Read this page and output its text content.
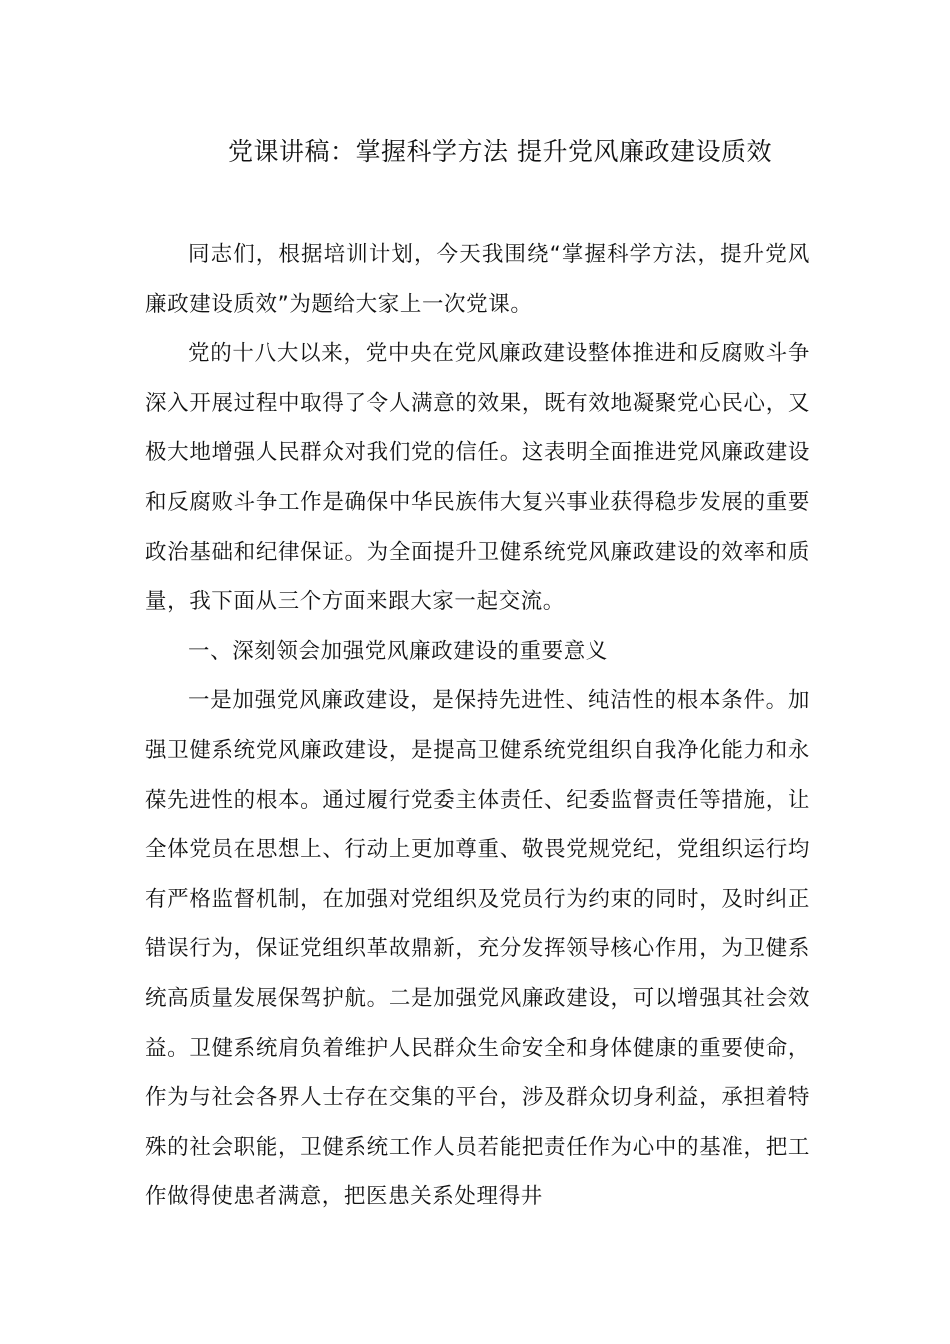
党课讲稿：掌握科学方法 提升党风廉政建设质效

同志们，根据培训计划，今天我围绕“掌握科学方法，提升党风廉政建设质效”为题给大家上一次党课。

党的十八大以来，党中央在党风廉政建设整体推进和反腐败斗争深入开展过程中取得了令人满意的效果，既有效地凝聚党心民心，又极大地增强人民群众对我们党的信任。这表明全面推进党风廉政建设和反腐败斗争工作是确保中华民族伟大复兴事业获得稳步发展的重要政治基础和纪律保证。为全面提升卫健系统党风廉政建设的效率和质量，我下面从三个方面来跟大家一起交流。

一、深刻领会加强党风廉政建设的重要意义

一是加强党风廉政建设，是保持先进性、纯洁性的根本条件。加强卫健系统党风廉政建设，是提高卫健系统党组织自我净化能力和永葆先进性的根本。通过履行党委主体责任、纪委监督责任等措施，让全体党员在思想上、行动上更加尊重、敬畏党规党纪，党组织运行均有严格监督机制，在加强对党组织及党员行为约束的同时，及时纠正错误行为，保证党组织革故鼎新，充分发挥领导核心作用，为卫健系统高质量发展保驾护航。二是加强党风廉政建设，可以增强其社会效益。卫健系统肩负着维护人民群众生命安全和身体健康的重要使命，作为与社会各界人士存在交集的平台，涉及群众切身利益，承担着特殊的社会职能，卫健系统工作人员若能把责任作为心中的基准，把工作做得使患者满意，把医患关系处理得井
